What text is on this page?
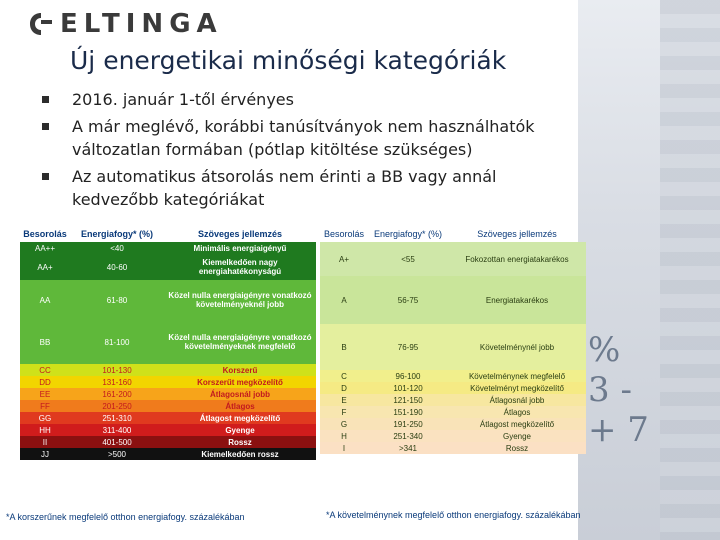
%
3 -
+ 7
ELTINGA
Új energetikai minőségi kategóriák
2016. január 1-től érvényes
A már meglévő, korábbi tanúsítványok nem használhatók változatlan formában (pótlap kitöltése szükséges)
Az automatikus átsorolás nem érinti a BB vagy annál kedvezőbb kategóriákat
Besorolás	Energiafogy* (%)	Szöveges jellemzés
AA++	<40	Minimális energiaigényű
AA+	40-60	Kiemelkedően nagy energiahatékonyságú
AA	61-80	Közel nulla energiaigényre vonatkozó követelményeknél jobb
BB	81-100	Közel nulla energiaigényre vonatkozó követelményeknek megfelelő
CC	101-130	Korszerű
DD	131-160	Korszerűt megközelítő
EE	161-200	Átlagosnál jobb
FF	201-250	Átlagos
GG	251-310	Átlagost megközelítő
HH	311-400	Gyenge
II	401-500	Rossz
JJ	>500	Kiemelkedően rossz
Besorolás	Energiafogy* (%)	Szöveges jellemzés
A+	<55	Fokozottan energiatakarékos
A	56-75	Energiatakarékos
B	76-95	Követelménynél jobb
C	96-100	Követelménynek megfelelő
D	101-120	Követelményt megközelítő
E	121-150	Átlagosnál jobb
F	151-190	Átlagos
G	191-250	Átlagost megközelítő
H	251-340	Gyenge
I	>341	Rossz
*A korszerűnek megfelelő otthon energiafogy. százalékában	*A követelménynek megfelelő otthon energiafogy. százalékában
